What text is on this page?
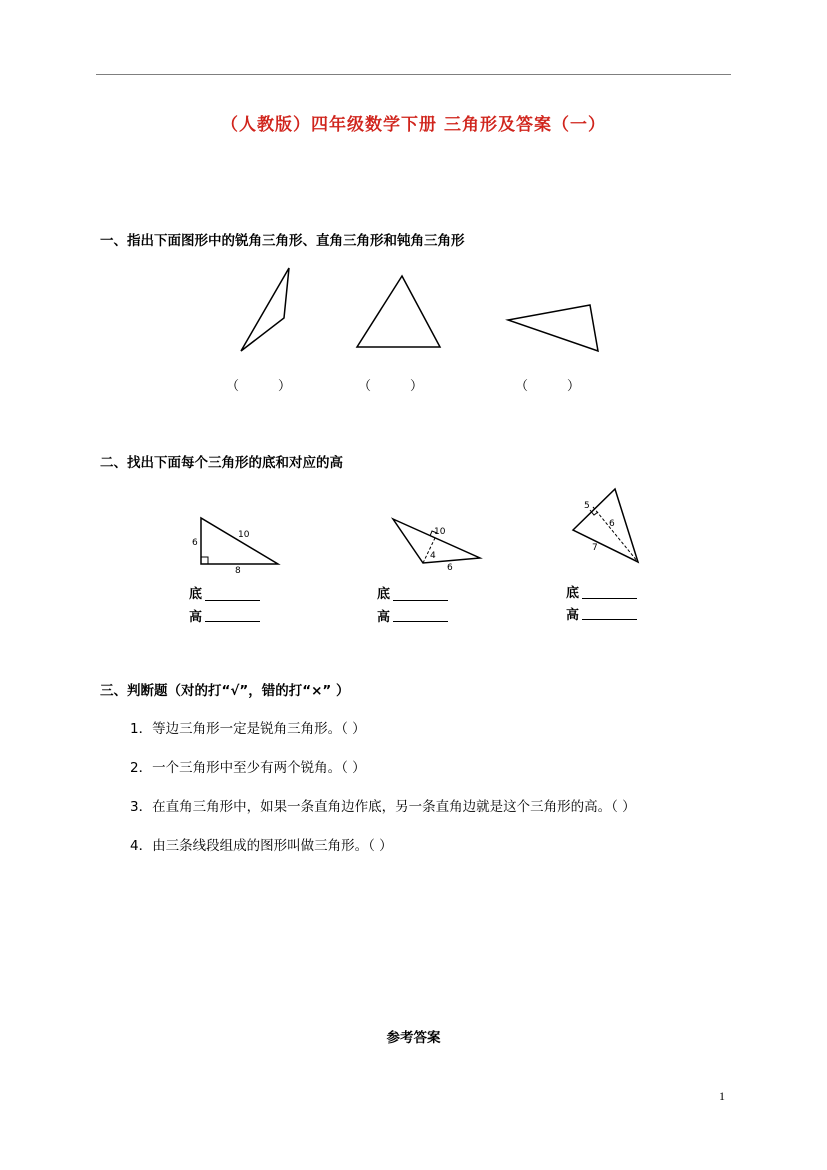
（人教版）四年级数学下册 三角形及答案（一）
一、指出下面图形中的锐角三角形、直角三角形和钝角三角形
（　　　）	（　　　）	（　　　）
二、找出下面每个三角形的底和对应的高
10
6
8
10
4
6
5
6
7
底
高
底
高
底
高
三、判断题（对的打“√”，错的打“×” ）
1．等边三角形一定是锐角三角形。（ ）
2．一个三角形中至少有两个锐角。（ ）
3．在直角三角形中，如果一条直角边作底，另一条直角边就是这个三角形的高。（ ）
4．由三条线段组成的图形叫做三角形。（ ）
参考答案
1
